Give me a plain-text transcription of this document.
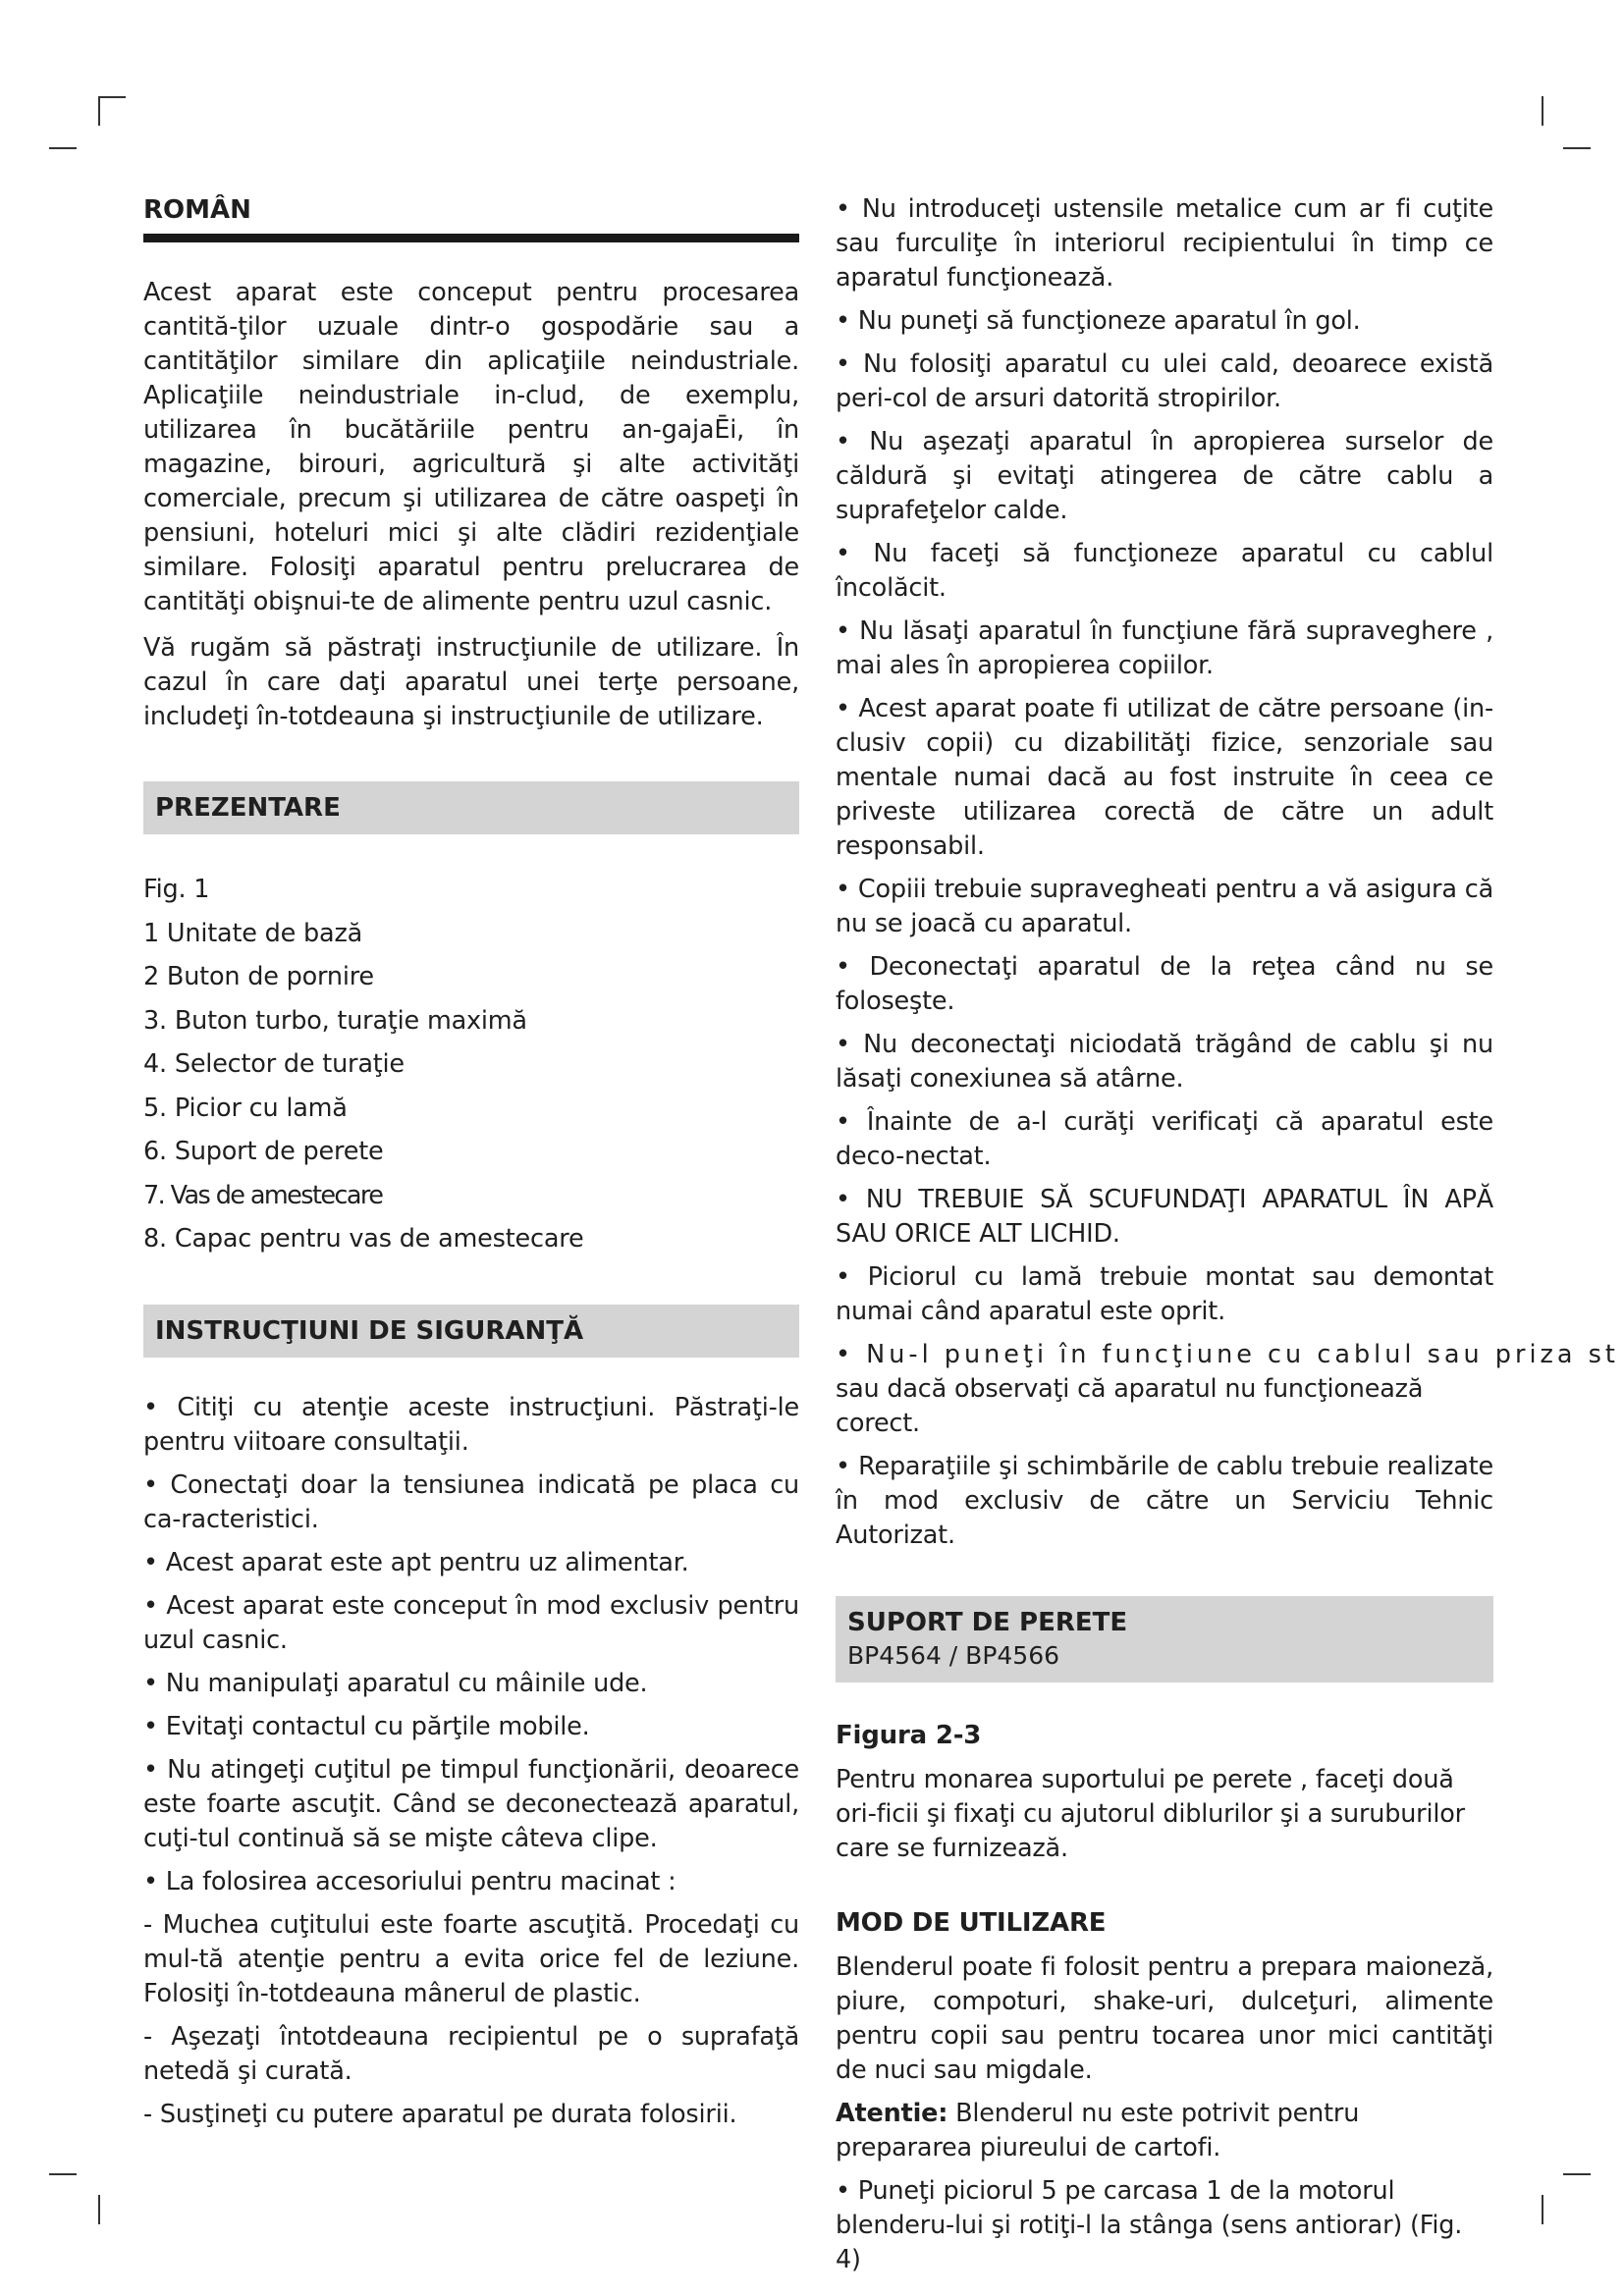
ROMÂN

Acest aparat este conceput pentru procesarea cantită-ţilor uzuale dintr-o gospodărie sau a cantităţilor similare din aplicaţiile neindustriale. Aplicaţiile neindustriale in-clud, de exemplu, utilizarea în bucătăriile pentru an-gajaĒi, în magazine, birouri, agricultură şi alte activităţi comerciale, precum şi utilizarea de către oaspeţi în pensiuni, hoteluri mici şi alte clădiri rezidenţiale similare. Folosiţi aparatul pentru prelucrarea de cantităţi obişnui-te de alimente pentru uzul casnic.

Vă rugăm să păstraţi instrucţiunile de utilizare. În cazul în care daţi aparatul unei terţe persoane, includeţi în-totdeauna şi instrucţiunile de utilizare.

PREZENTARE

Fig. 1

1 Unitate de bază

2 Buton de pornire

3. Buton turbo, turaţie maximă

4. Selector de turaţie

5. Picior cu lamă

6. Suport de perete

7. Vas de amestecare

8. Capac pentru vas de amestecare

INSTRUCŢIUNI DE SIGURANŢĂ

• Citiţi cu atenţie aceste instrucţiuni. Păstraţi-le pentru viitoare consultaţii.

• Conectaţi doar la tensiunea indicată pe placa cu ca-racteristici.

• Acest aparat este apt pentru uz alimentar.

• Acest aparat este conceput în mod exclusiv pentru uzul casnic.

• Nu manipulaţi aparatul cu mâinile ude.

• Evitaţi contactul cu părţile mobile.

• Nu atingeţi cuţitul pe timpul funcţionării, deoarece este foarte ascuţit. Când se deconectează aparatul, cuţi-tul continuă să se mişte câteva clipe.

• La folosirea accesoriului pentru macinat :

- Muchea cuţitului este foarte ascuţită. Procedaţi cu mul-tă atenţie pentru a evita orice fel de leziune. Folosiţi în-totdeauna mânerul de plastic.

- Aşezaţi întotdeauna recipientul pe o suprafaţă netedă şi curată.

- Susţineţi cu putere aparatul pe durata folosirii.

• Nu introduceţi ustensile metalice cum ar fi cuţite sau furculiţe în interiorul recipientului în timp ce aparatul funcţionează.

• Nu puneţi să funcţioneze aparatul în gol.

• Nu folosiţi aparatul cu ulei cald, deoarece există peri-col de arsuri datorită stropirilor.

• Nu aşezaţi aparatul în apropierea surselor de căldură şi evitaţi atingerea de către cablu a suprafeţelor calde.

• Nu faceţi să funcţioneze aparatul cu cablul încolăcit.

• Nu lăsaţi aparatul în funcţiune fără supraveghere , mai ales în apropierea copiilor.

• Acest aparat poate fi utilizat de către persoane (in-clusiv copii) cu dizabilităţi fizice, senzoriale sau mentale numai dacă au fost instruite în ceea ce priveste utilizarea corectă de către un adult responsabil.

• Copiii trebuie supravegheati pentru a vă asigura că nu se joacă cu aparatul.

• Deconectaţi aparatul de la reţea când nu se foloseşte.

• Nu deconectaţi niciodată trăgând de cablu şi nu lăsaţi conexiunea să atârne.

• Înainte de a-l curăţi verificaţi că aparatul este deco-nectat.

• NU TREBUIE SĂ SCUFUNDAŢI APARATUL ÎN APĂ SAU ORICE ALT LICHID.

• Piciorul cu lamă trebuie montat sau demontat numai când aparatul este oprit.

• Nu-l puneţi în funcţiune cu cablul sau priza st

sau dacă observaţi că aparatul nu funcţionează corect.

• Reparaţiile şi schimbările de cablu trebuie realizate în mod exclusiv de către un Serviciu Tehnic Autorizat.

SUPORT DE PERETE
BP4564 / BP4566

Figura 2-3

Pentru monarea suportului pe perete , faceţi două ori-ficii şi fixaţi cu ajutorul diblurilor şi a suruburilor care se furnizează.

MOD DE UTILIZARE

Blenderul poate fi folosit pentru a prepara maioneză, piure, compoturi, shake-uri, dulceţuri, alimente pentru copii sau pentru tocarea unor mici cantităţi de nuci sau migdale.

Atentie: Blenderul nu este potrivit pentru prepararea piureului de cartofi.

• Puneţi piciorul 5 pe carcasa 1 de la motorul blenderu-lui şi rotiţi-l la stânga (sens antiorar) (Fig. 4)
